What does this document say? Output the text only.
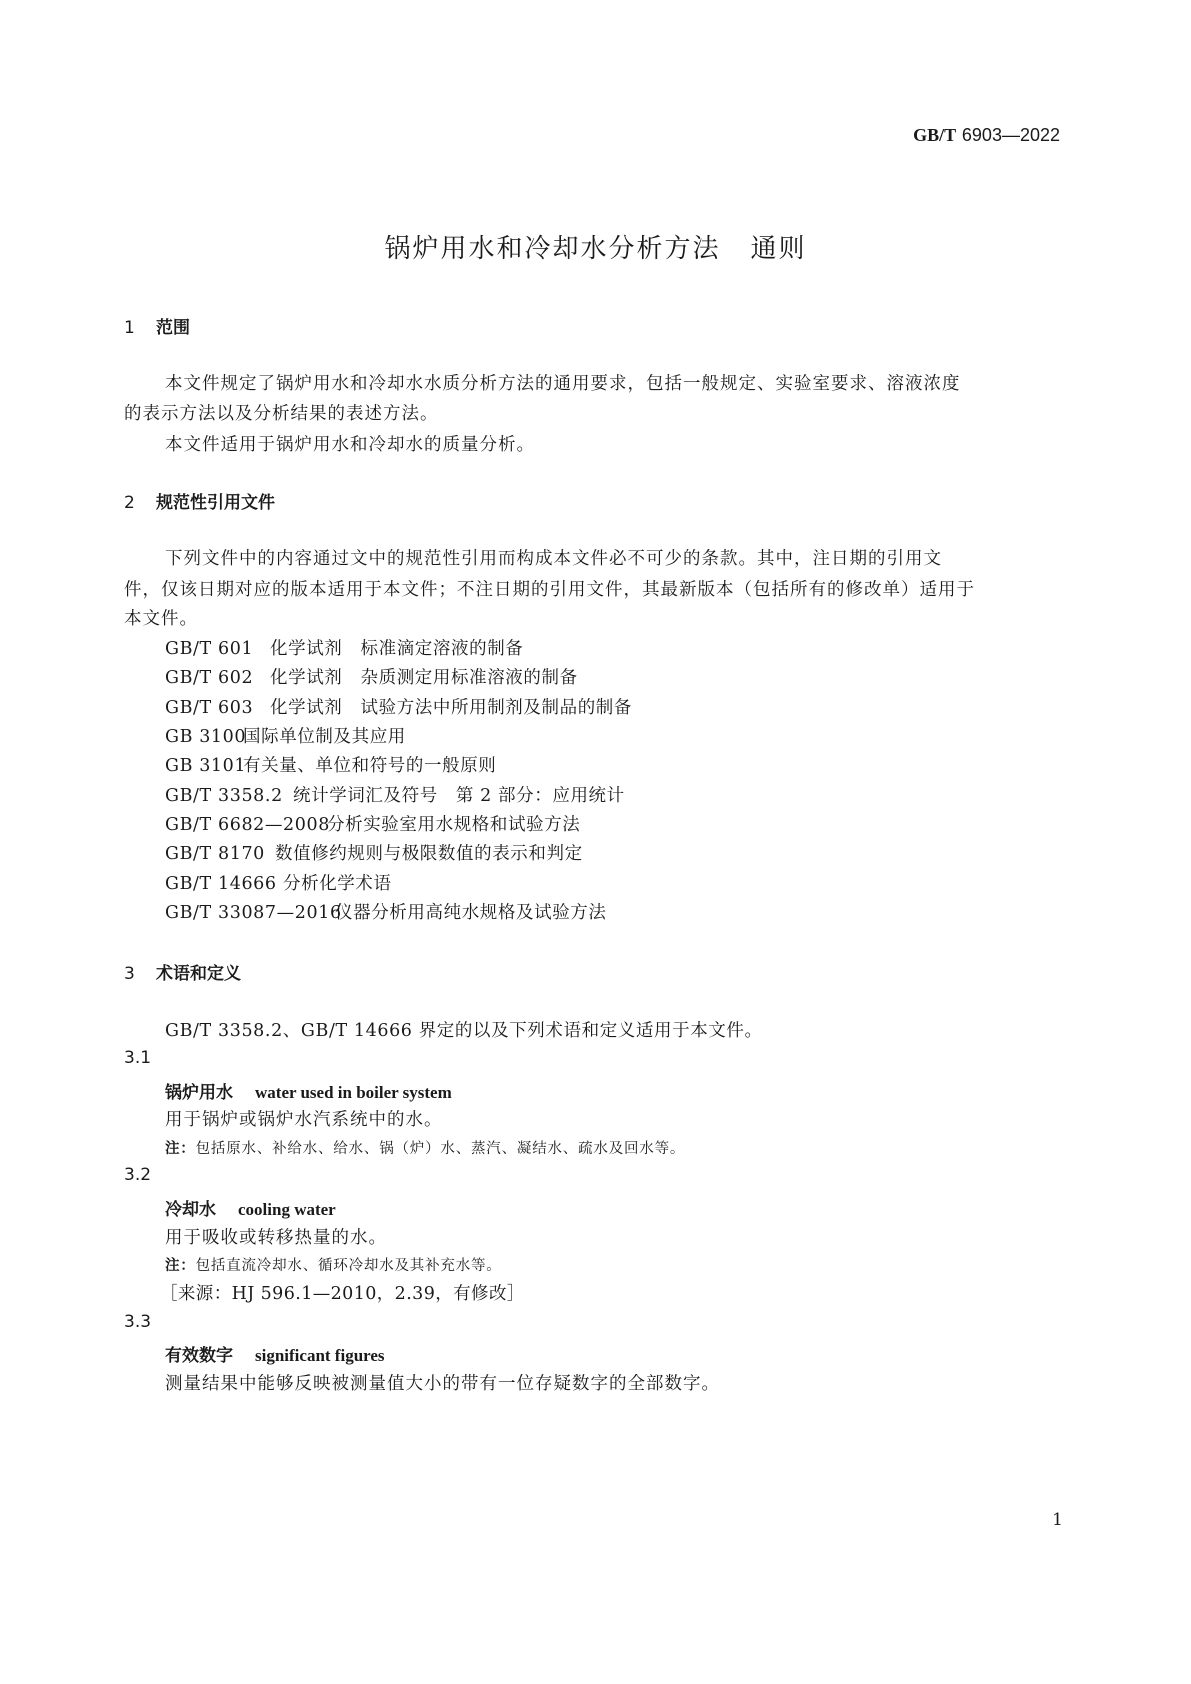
GB/T 6903—2022
锅炉用水和冷却水分析方法 通则
1 范围
本文件规定了锅炉用水和冷却水水质分析方法的通用要求，包括一般规定、实验室要求、溶液浓度
的表示方法以及分析结果的表述方法。
本文件适用于锅炉用水和冷却水的质量分析。
2 规范性引用文件
下列文件中的内容通过文中的规范性引用而构成本文件必不可少的条款。其中，注日期的引用文
件，仅该日期对应的版本适用于本文件；不注日期的引用文件，其最新版本（包括所有的修改单）适用于
本文件。
GB/T 601 化学试剂　标准滴定溶液的制备
GB/T 602 化学试剂　杂质测定用标准溶液的制备
GB/T 603 化学试剂　试验方法中所用制剂及制品的制备
GB 3100国际单位制及其应用
GB 3101有关量、单位和符号的一般原则
GB/T 3358.2 统计学词汇及符号　第 2 部分：应用统计
GB/T 6682—2008分析实验室用水规格和试验方法
GB/T 8170 数值修约规则与极限数值的表示和判定
GB/T 14666 分析化学术语
GB/T 33087—2016仪器分析用高纯水规格及试验方法
3 术语和定义
GB/T 3358.2、GB/T 14666 界定的以及下列术语和定义适用于本文件。
3.1
锅炉用水 water used in boiler system
用于锅炉或锅炉水汽系统中的水。
注：包括原水、补给水、给水、锅（炉）水、蒸汽、凝结水、疏水及回水等。
3.2
冷却水 cooling water
用于吸收或转移热量的水。
注：包括直流冷却水、循环冷却水及其补充水等。
［来源：HJ 596.1—2010，2.39，有修改］
3.3
有效数字 significant figures
测量结果中能够反映被测量值大小的带有一位存疑数字的全部数字。
1
